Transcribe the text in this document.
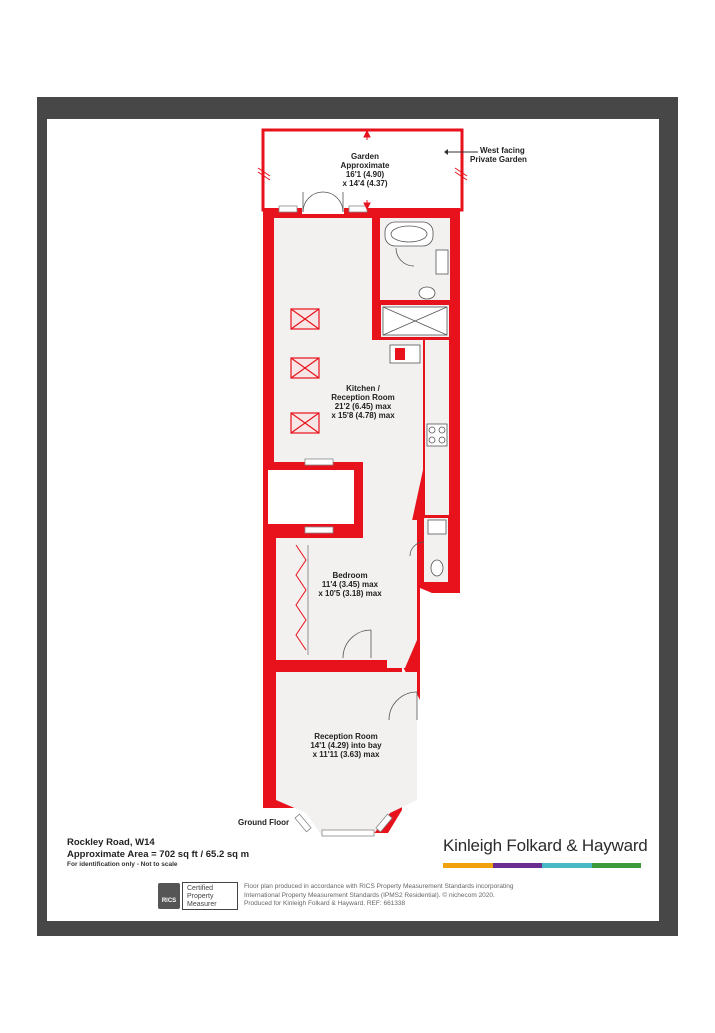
Garden
Approximate
16'1 (4.90)
x 14'4 (4.37)
West facing
Private Garden
Kitchen /
Reception Room
21'2 (6.45) max
x 15'8 (4.78) max
Bedroom
11'4 (3.45) max
x 10'5 (3.18) max
Reception Room
14'1 (4.29) into bay
x 11'11 (3.63) max
Ground Floor
Rockley Road, W14
Approximate Area = 702 sq ft / 65.2 sq m
For identification only - Not to scale
Kinleigh Folkard & Hayward
RICS
Certified
Property
Measurer
Floor plan produced in accordance with RICS Property Measurement Standards incorporating
International Property Measurement Standards (IPMS2 Residential). © nichecom 2020.
Produced for Kinleigh Folkard & Hayward. REF: 661338
